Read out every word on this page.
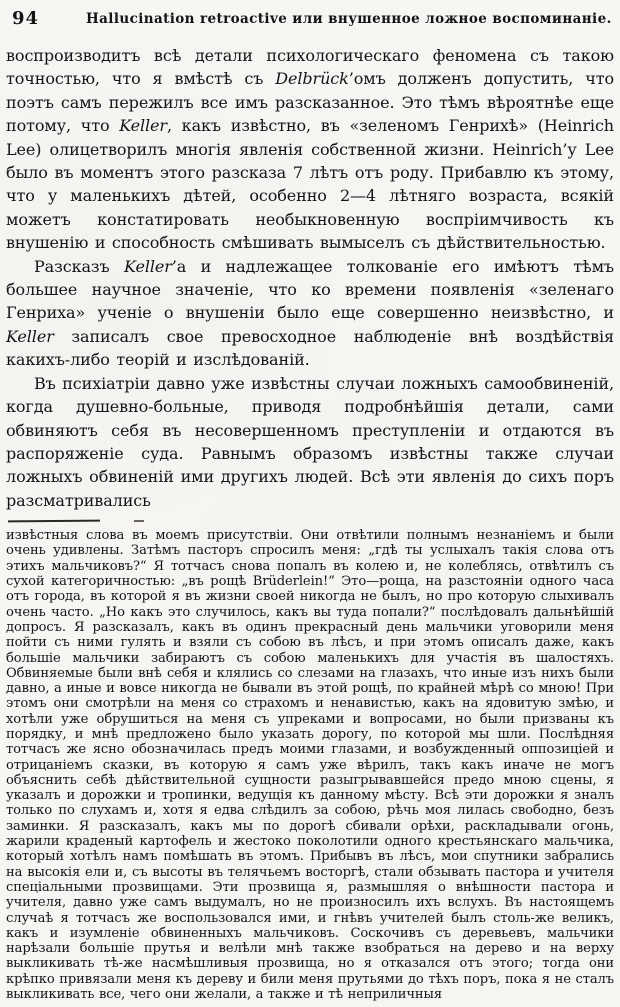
94	Hallucination retroactive или внушенное ложное воспоминаніе.

воспроизводитъ всѣ детали психологическаго феномена съ такою точностью, что я вмѣстѣ съ Delbrück’омъ долженъ допустить, что поэтъ самъ пережилъ все имъ разсказанное. Это тѣмъ вѣроятнѣе еще потому, что Keller, какъ извѣстно, въ «зеленомъ Генрихѣ» (Heinrich Lee) олицетворилъ многія явленія собственной жизни. Heinrich’у Lee было въ моментъ этого разсказа 7 лѣтъ отъ роду. Прибавлю къ этому, что у маленькихъ дѣтей, особенно 2—4 лѣтняго возраста, всякій можетъ констатировать необыкновенную воспріимчивость къ внушенію и способность смѣшивать вымыселъ съ дѣйствительностью.

Разсказъ Keller’а и надлежащее толкованіе его имѣютъ тѣмъ большее научное значеніе, что ко времени появленія «зеленаго Генриха» ученіе о внушеніи было еще совершенно неизвѣстно, и Keller записалъ свое превосходное наблюденіе внѣ воздѣйствія какихъ-либо теорій и изслѣдованій.

Въ психіатріи давно уже извѣстны случаи ложныхъ самообвиненій, когда душевно-больные, приводя подробнѣйшія детали, сами обвиняютъ себя въ несовершенномъ преступленіи и отдаются въ распоряженіе суда. Равнымъ образомъ извѣстны также случаи ложныхъ обвиненій ими другихъ людей. Всѣ эти явленія до сихъ поръ разсматривались

извѣстныя слова въ моемъ присутствіи. Они отвѣтили полнымъ незнаніемъ и были очень удивлены. Затѣмъ пасторъ спросилъ меня: „гдѣ ты услыхалъ такія слова отъ этихъ мальчиковъ?“ Я тотчасъ снова попалъ въ колею и, не колеблясь, отвѣтилъ съ сухой категоричностью: „въ рощѣ Brüderlein!“ Это—роща, на разстояніи одного часа отъ города, въ которой я въ жизни своей никогда не былъ, но про которую слыхивалъ очень часто. „Но какъ это случилось, какъ вы туда попали?“ послѣдовалъ дальнѣйшій допросъ. Я разсказалъ, какъ въ одинъ прекрасный день мальчики уговорили меня пойти съ ними гулять и взяли съ собою въ лѣсъ, и при этомъ описалъ даже, какъ большіе мальчики забираютъ съ собою маленькихъ для участія въ шалостяхъ. Обвиняемые были внѣ себя и клялись со слезами на глазахъ, что иные изъ нихъ были давно, а иные и вовсе никогда не бывали въ этой рощѣ, по крайней мѣрѣ со мною! При этомъ они смотрѣли на меня со страхомъ и ненавистью, какъ на ядовитую змѣю, и хотѣли уже обрушиться на меня съ упреками и вопросами, но были призваны къ порядку, и мнѣ предложено было указать дорогу, по которой мы шли. Послѣдняя тотчасъ же ясно обозначилась предъ моими глазами, и возбужденный оппозиціей и отрицаніемъ сказки, въ которую я самъ уже вѣрилъ, такъ какъ иначе не могъ объяснить себѣ дѣйствительной сущности разыгрывавшейся предо мною сцены, я указалъ и дорожки и тропинки, ведущія къ данному мѣсту. Всѣ эти дорожки я зналъ только по слухамъ и, хотя я едва слѣдилъ за собою, рѣчь моя лилась свободно, безъ заминки. Я разсказалъ, какъ мы по дорогѣ сбивали орѣхи, раскладывали огонь, жарили краденый картофель и жестоко поколотили одного крестьянскаго мальчика, который хотѣлъ намъ помѣшать въ этомъ. Прибывъ въ лѣсъ, мои спутники забрались на высокія ели и, съ высоты въ телячьемъ восторгѣ, стали обзывать пастора и учителя спеціальными прозвищами. Эти прозвища я, размышляя о внѣшности пастора и учителя, давно уже самъ выдумалъ, но не произносилъ ихъ вслухъ. Въ настоящемъ случаѣ я тотчасъ же воспользовался ими, и гнѣвъ учителей былъ столь-же великъ, какъ и изумленіе обвиненныхъ мальчиковъ. Соскочивъ съ деревьевъ, мальчики нарѣзали большіе прутья и велѣли мнѣ также взобраться на дерево и на верху выкликивать тѣ-же насмѣшливыя прозвища, но я отказался отъ этого; тогда они крѣпко привязали меня къ дереву и били меня прутьями до тѣхъ поръ, пока я не сталъ выкликивать все, чего они желали, а также и тѣ неприличныя
